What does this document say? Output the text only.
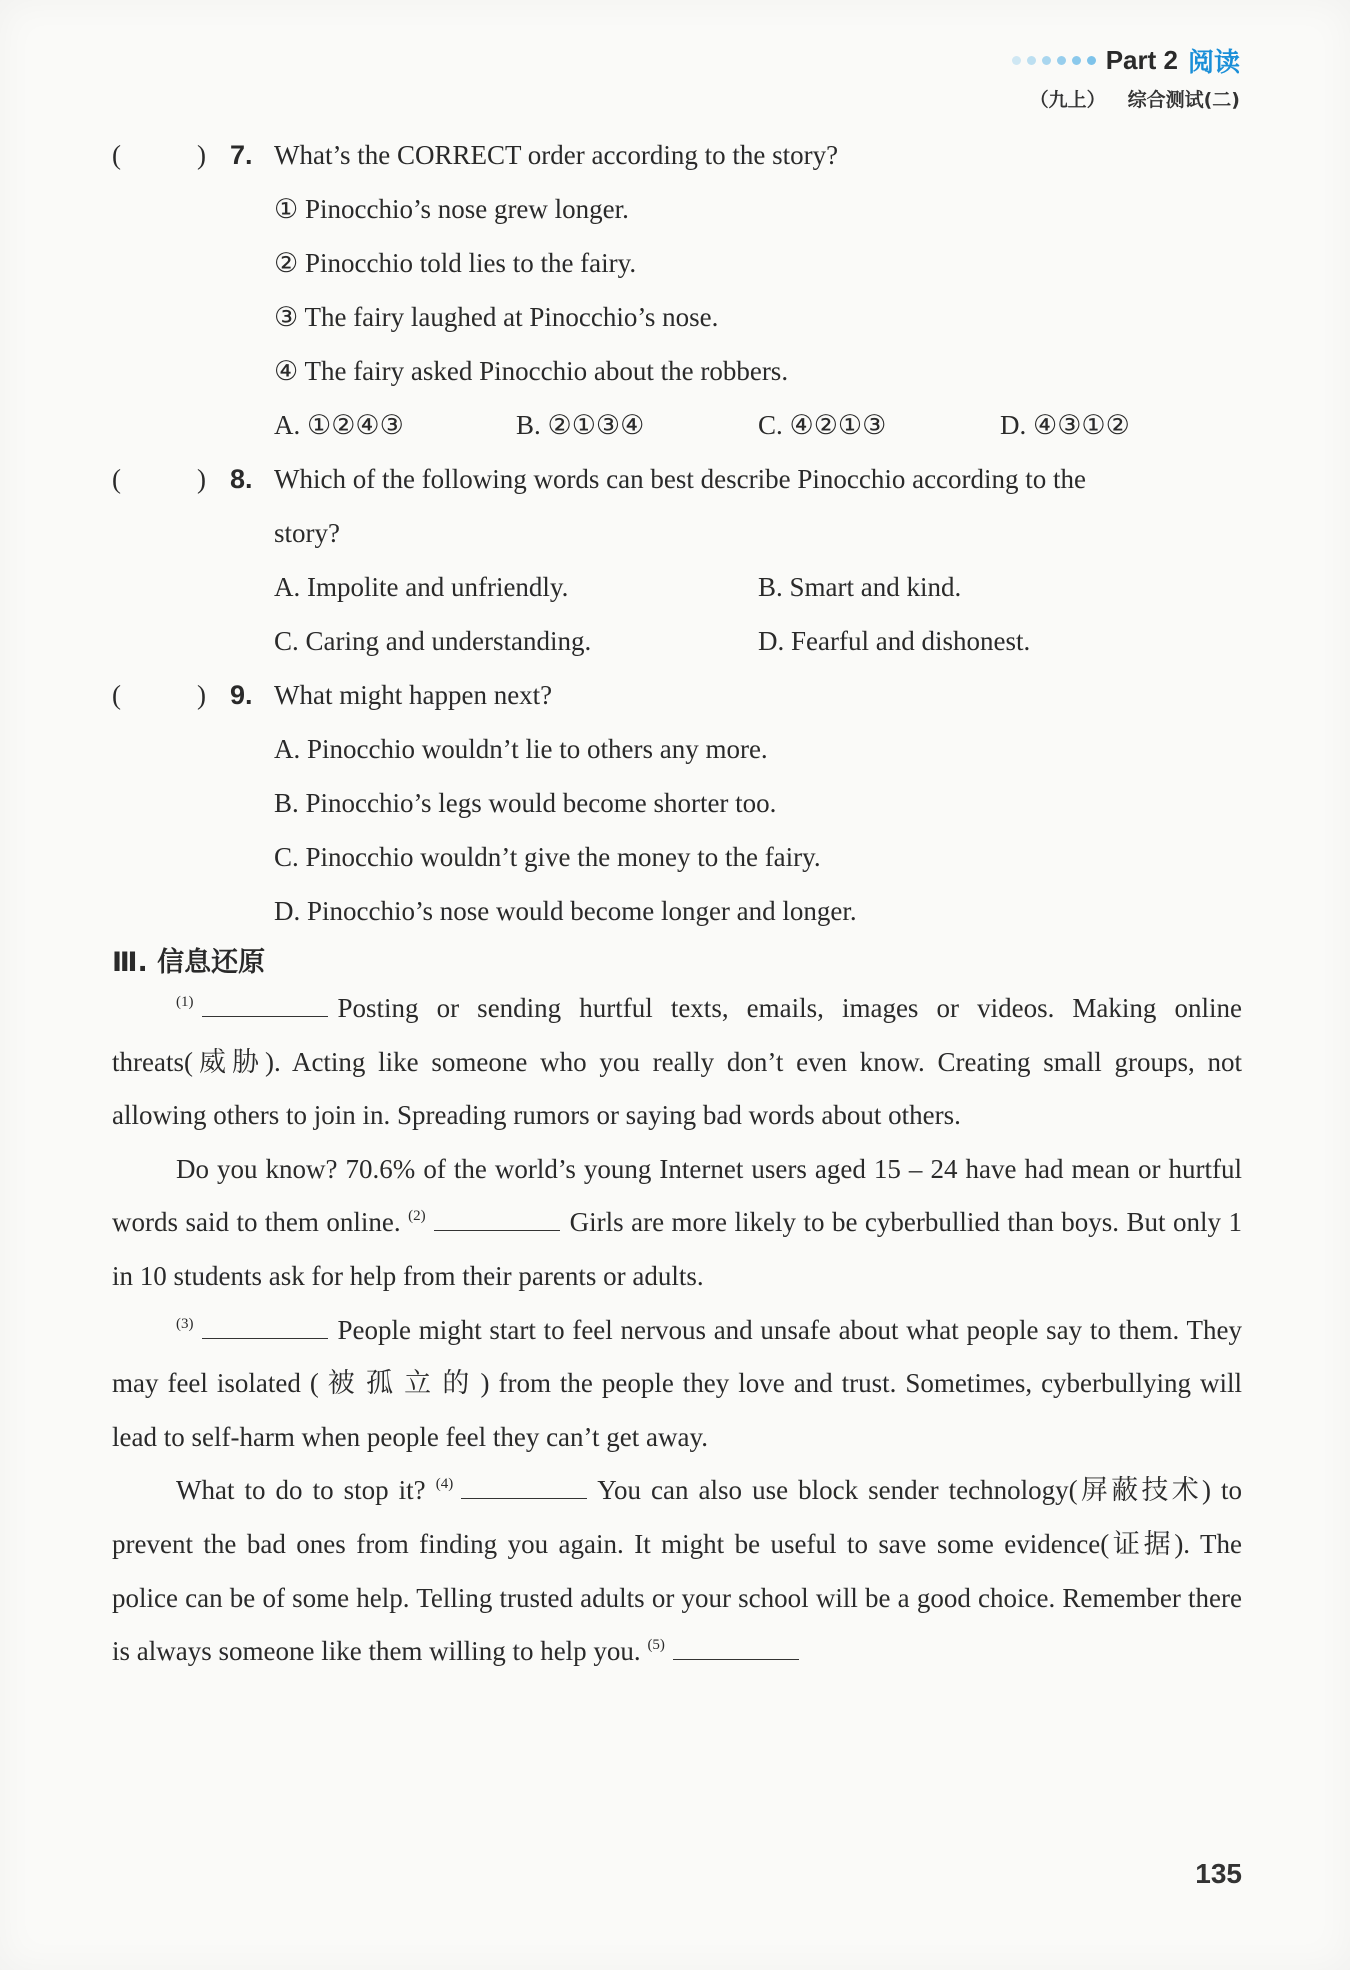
Part 2 阅读
（九上） 综合测试(二)
(	) 7. What’s the CORRECT order according to the story?
① Pinocchio’s nose grew longer.
② Pinocchio told lies to the fairy.
③ The fairy laughed at Pinocchio’s nose.
④ The fairy asked Pinocchio about the robbers.
A. ①②④③	B. ②①③④	C. ④②①③	D. ④③①②
(	) 8. Which of the following words can best describe Pinocchio according to the
story?
A. Impolite and unfriendly.	B. Smart and kind.
C. Caring and understanding.	D. Fearful and dishonest.
(	) 9. What might happen next?
A. Pinocchio wouldn’t lie to others any more.
B. Pinocchio’s legs would become shorter too.
C. Pinocchio wouldn’t give the money to the fairy.
D. Pinocchio’s nose would become longer and longer.
Ⅲ. 信息还原

$^{(1)}$	Posting or sending hurtful texts, emails, images or videos. Making online threats(威胁). Acting like someone who you really don’t even know. Creating small groups, not allowing others to join in. Spreading rumors or saying bad words about others.

Do you know? 70.6% of the world’s young Internet users aged 15 – 24 have had mean or hurtful words said to them online. $^{(2)}$	Girls are more likely to be cyberbullied than boys. But only 1 in 10 students ask for help from their parents or adults.

$^{(3)}$	People might start to feel nervous and unsafe about what people say to them. They may feel isolated ( 被 孤 立 的 ) from the people they love and trust. Sometimes, cyberbullying will lead to self-harm when people feel they can’t get away.

What to do to stop it? $^{(4)}$	You can also use block sender technology(屏蔽技术) to prevent the bad ones from finding you again. It might be useful to save some evidence(证据). The police can be of some help. Telling trusted adults or your school will be a good choice. Remember there is always someone like them willing to help you. $^{(5)}$

135
